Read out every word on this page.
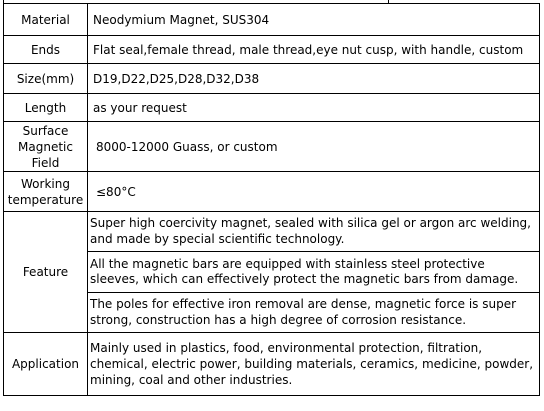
Material	Neodymium Magnet, SUS304

Ends	Flat seal,female thread, male thread,eye nut cusp, with handle, custom

Size(mm)	D19,D22,D25,D28,D32,D38

Length	as your request

Surface Magnetic Field	8000-12000 Guass, or custom

Working temperature	≤80°C

Feature	Super high coercivity magnet, sealed with silica gel or argon arc welding, and made by special scientific technology.
	All the magnetic bars are equipped with stainless steel protective sleeves, which can effectively protect the magnetic bars from damage.
	The poles for effective iron removal are dense, magnetic force is super strong, construction has a high degree of corrosion resistance.

Application	Mainly used in plastics, food, environmental protection, filtration, chemical, electric power, building materials, ceramics, medicine, powder, mining, coal and other industries.
